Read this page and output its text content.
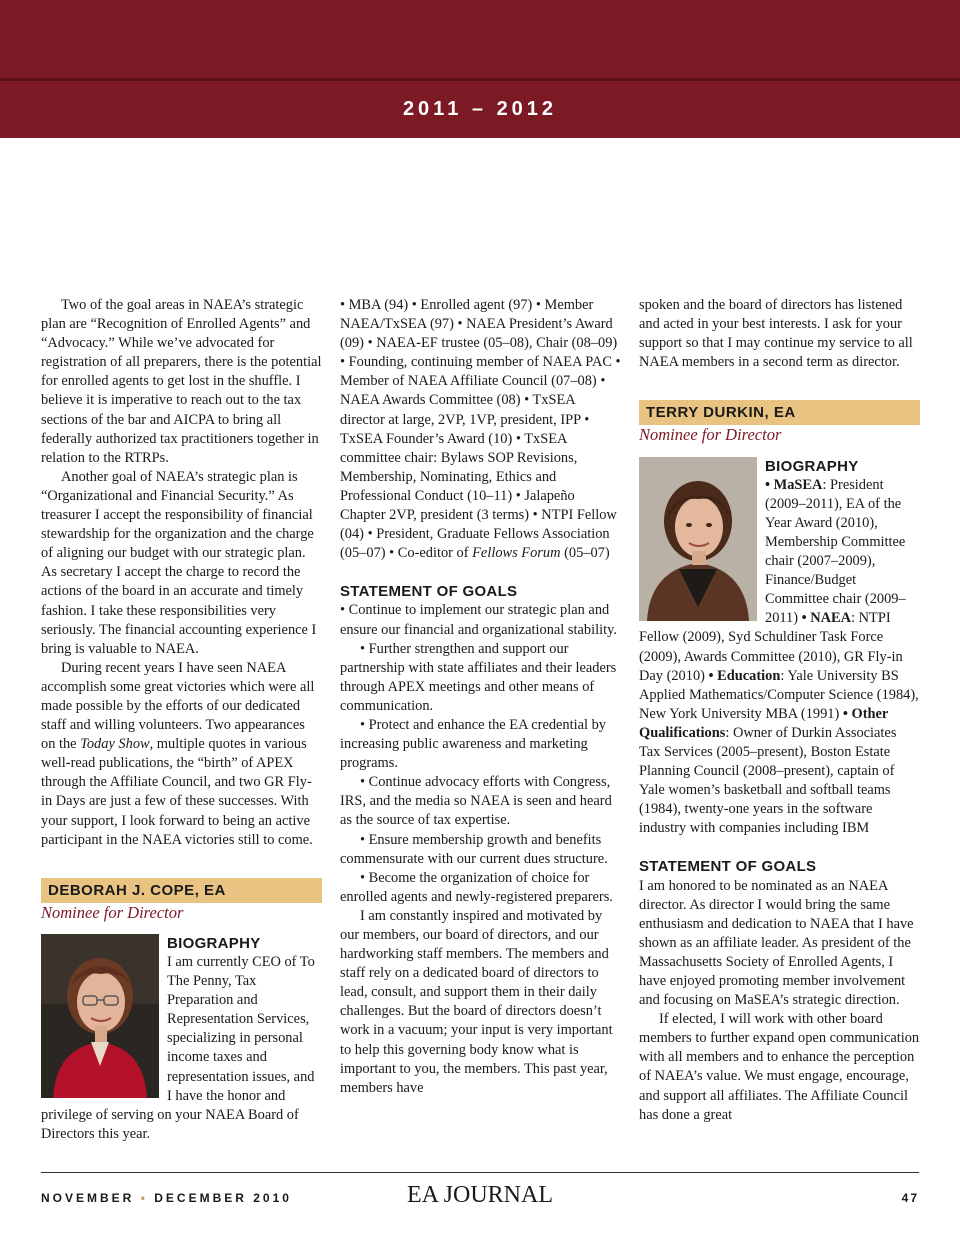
2011 – 2012

Two of the goal areas in NAEA’s strategic plan are “Recognition of Enrolled Agents” and “Advocacy.” While we’ve advocated for registration of all preparers, there is the potential for enrolled agents to get lost in the shuffle. I believe it is imperative to reach out to the tax sections of the bar and AICPA to bring all federally authorized tax practitioners together in relation to the RTRPs.

Another goal of NAEA’s strategic plan is “Organizational and Financial Security.” As treasurer I accept the responsibility of financial stewardship for the organization and the charge of aligning our budget with our strategic plan. As secretary I accept the charge to record the actions of the board in an accurate and timely fashion. I take these responsibilities very seriously. The financial accounting experience I bring is valuable to NAEA.

During recent years I have seen NAEA accomplish some great victories which were all made possible by the efforts of our dedicated staff and willing volunteers. Two appearances on the Today Show, multiple quotes in various well-read publications, the “birth” of APEX through the Affiliate Council, and two GR Fly-in Days are just a few of these successes. With your support, I look forward to being an active participant in the NAEA victories still to come.

DEBORAH J. COPE, EA

Nominee for Director

BIOGRAPHY
I am currently CEO of To The Penny, Tax Preparation and Representation Services, specializing in personal income taxes and representation issues, and I have the honor and privilege of serving on your NAEA Board of Directors this year.

• MBA (94) • Enrolled agent (97) • Member NAEA/TxSEA (97) • NAEA President’s Award (09) • NAEA-EF trustee (05–08), Chair (08–09) • Founding, continuing member of NAEA PAC • Member of NAEA Affiliate Council (07–08) • NAEA Awards Committee (08) • TxSEA director at large, 2VP, 1VP, president, IPP • TxSEA Founder’s Award (10) • TxSEA committee chair: Bylaws SOP Revisions, Membership, Nominating, Ethics and Professional Conduct (10–11) • Jalapeño Chapter 2VP, president (3 terms) • NTPI Fellow (04) • President, Graduate Fellows Association (05–07) • Co-editor of Fellows Forum (05–07)

STATEMENT OF GOALS

• Continue to implement our strategic plan and ensure our financial and organizational stability.

• Further strengthen and support our partnership with state affiliates and their leaders through APEX meetings and other means of communication.

• Protect and enhance the EA credential by increasing public awareness and marketing programs.

• Continue advocacy efforts with Congress, IRS, and the media so NAEA is seen and heard as the source of tax expertise.

• Ensure membership growth and benefits commensurate with our current dues structure.

• Become the organization of choice for enrolled agents and newly-registered preparers.

I am constantly inspired and motivated by our members, our board of directors, and our hardworking staff members. The members and staff rely on a dedicated board of directors to lead, consult, and support them in their daily challenges. But the board of directors doesn’t work in a vacuum; your input is very important to help this governing body know what is important to you, the members. This past year, members have

spoken and the board of directors has listened and acted in your best interests. I ask for your support so that I may continue my service to all NAEA members in a second term as director.

TERRY DURKIN, EA

Nominee for Director

BIOGRAPHY
• MaSEA: President (2009–2011), EA of the Year Award (2010), Membership Committee chair (2007–2009), Finance/Budget Committee chair (2009–2011) • NAEA: NTPI Fellow (2009), Syd Schuldiner Task Force (2009), Awards Committee (2010), GR Fly-in Day (2010) • Education: Yale University BS Applied Mathematics/Computer Science (1984), New York University MBA (1991) • Other Qualifications: Owner of Durkin Associates Tax Services (2005–present), Boston Estate Planning Council (2008–present), captain of Yale women’s basketball and softball teams (1984), twenty-one years in the software industry with companies including IBM

STATEMENT OF GOALS

I am honored to be nominated as an NAEA director. As director I would bring the same enthusiasm and dedication to NAEA that I have shown as an affiliate leader. As president of the Massachusetts Society of Enrolled Agents, I have enjoyed promoting member involvement and focusing on MaSEA’s strategic direction.

If elected, I will work with other board members to further expand open communication with all members and to enhance the perception of NAEA’s value. We must engage, encourage, and support all affiliates. The Affiliate Council has done a great

NOVEMBER • DECEMBER 2010	EA JOURNAL	47
